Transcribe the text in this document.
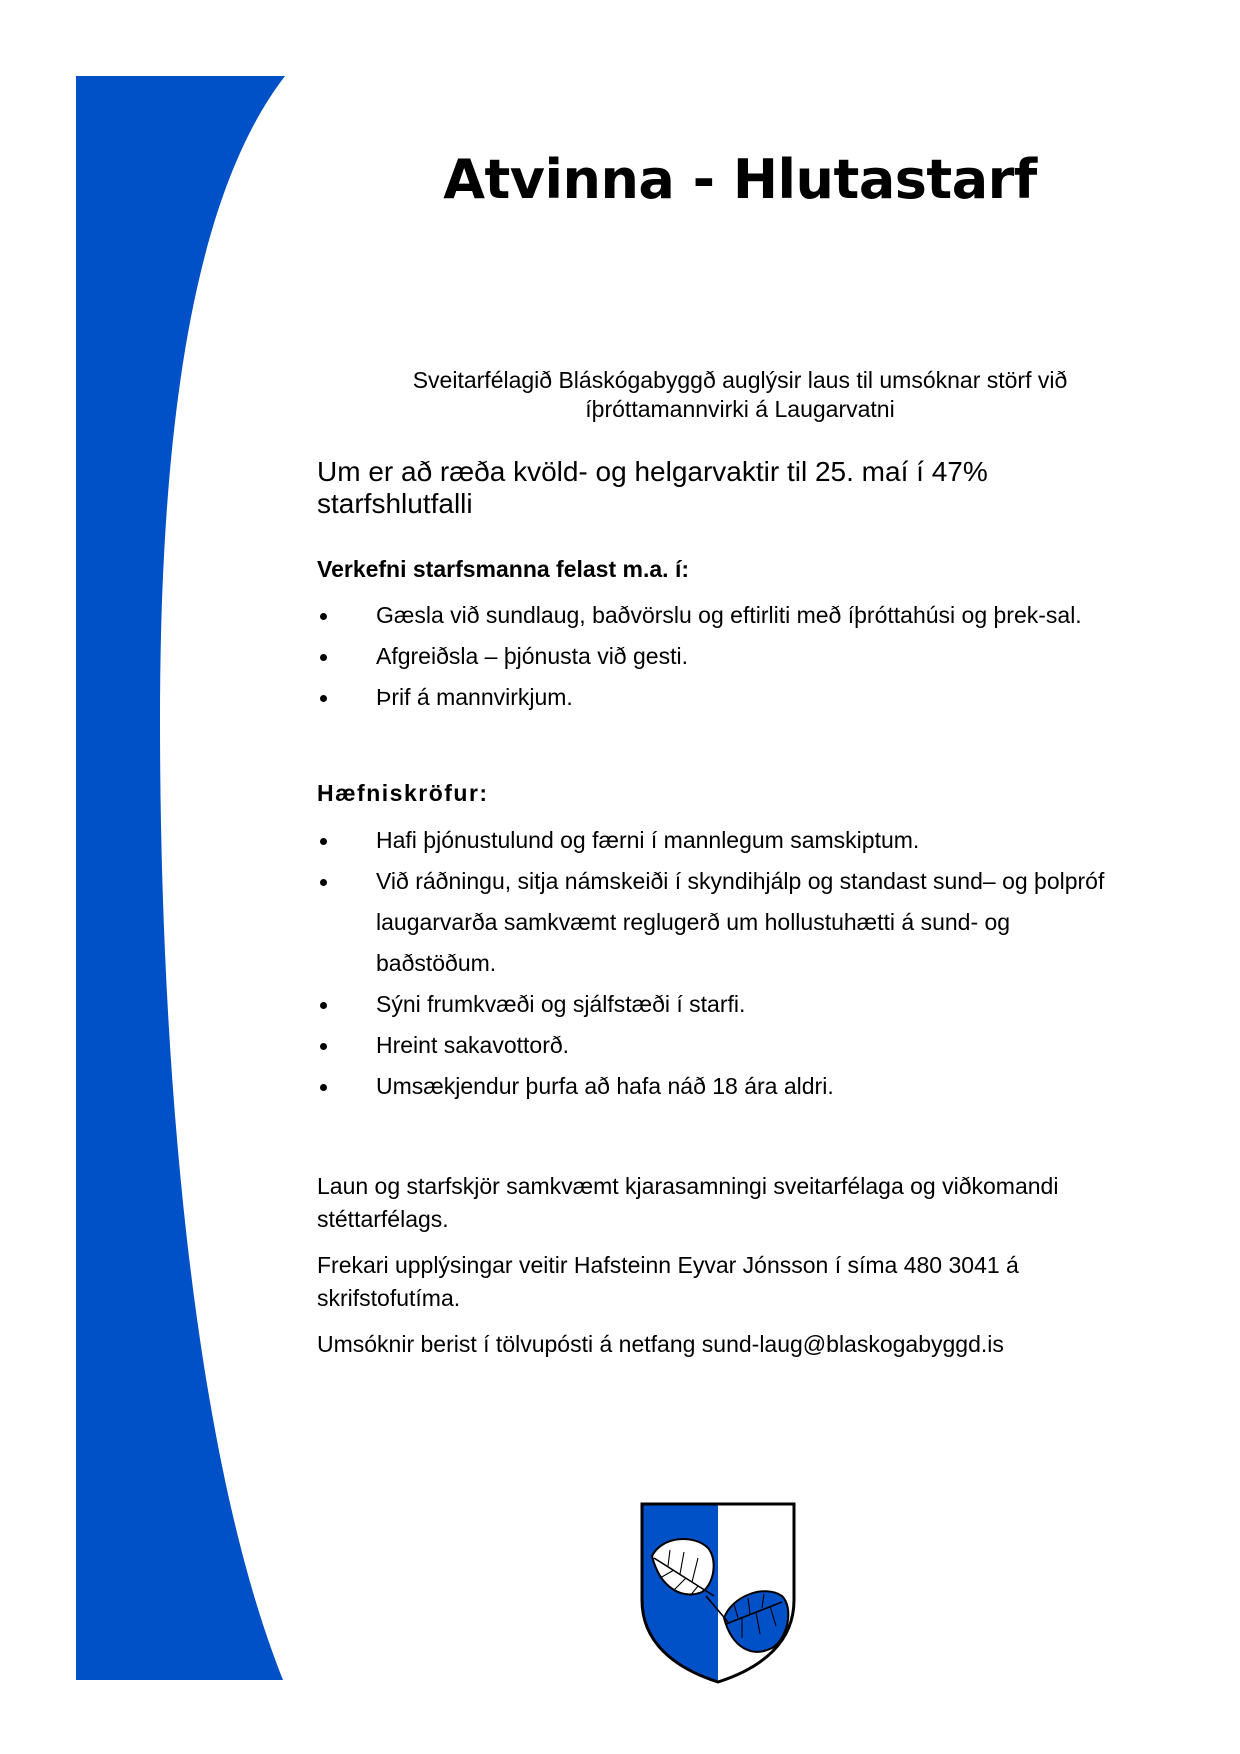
Atvinna - Hlutastarf
Sveitarfélagið Bláskógabyggð auglýsir laus til umsóknar störf við íþróttamannvirki á Laugarvatni
Um er að ræða kvöld- og helgarvaktir til 25. maí í 47% starfshlutfalli
Verkefni starfsmanna felast m.a. í:
Gæsla við sundlaug, baðvörslu og eftirliti með íþróttahúsi og þrek-sal.
Afgreiðsla – þjónusta við gesti.
Þrif á mannvirkjum.
Hæfniskröfur:
Hafi þjónustulund og færni í mannlegum samskiptum.
Við ráðningu, sitja námskeiði í skyndihjálp og standast sund– og þolpróf laugarvarða samkvæmt reglugerð um hollustuhætti á sund- og baðstöðum.
Sýni frumkvæði og sjálfstæði í starfi.
Hreint sakavottorð.
Umsækjendur þurfa að hafa náð 18 ára aldri.
Laun og starfskjör samkvæmt kjarasamningi sveitarfélaga og viðkomandi stéttarfélags.
Frekari upplýsingar veitir Hafsteinn Eyvar Jónsson í síma 480 3041 á skrifstofutíma.
Umsóknir berist í tölvupósti á netfang sund-laug@blaskogabyggd.is
